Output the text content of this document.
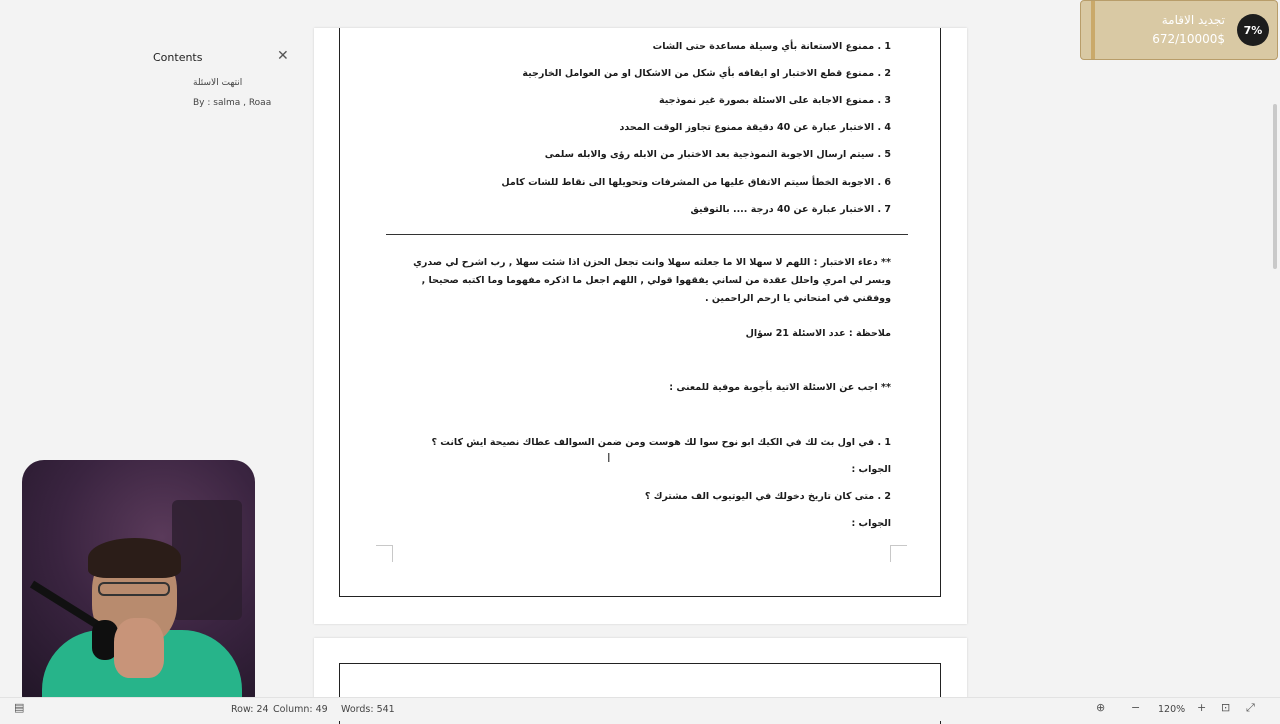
Contents	✕
انتهت الاسئلة
By : salma , Roaa
1 . ممنوع الاستعانة بأي وسيلة مساعدة حتى الشات
2 . ممنوع قطع الاختبار او ايقافه بأي شكل من الاشكال او من العوامل الخارجية
3 . ممنوع الاجابة على الاسئلة بصورة غير نموذجية
4 . الاختبار عبارة عن 40 دقيقة ممنوع تجاوز الوقت المحدد
5 . سيتم ارسال الاجوبة النموذجية بعد الاختبار من الابله رؤى والابله سلمى
6 . الاجوبة الخطأ سيتم الاتفاق عليها من المشرفات وتحويلها الى نقاط للشات كامل
7 . الاختبار عبارة عن 40 درجة .... بالتوفيق
** دعاء الاختبار : اللهم لا سهلا الا ما جعلته سهلا وانت تجعل الحزن اذا شئت سهلا , رب اشرح لي صدري ويسر لي امري واحلل عقدة من لساني يفقهوا قولي , اللهم اجعل ما اذكره مفهوما وما اكتبه صحيحا , ووفقني في امتحاني يا ارحم الراحمين .
ملاحظة : عدد الاسئلة 21 سؤال
** اجب عن الاسئلة الاتية بأجوبة موفية للمعنى :
1 . في اول بث لك في الكيك ابو نوح سوا لك هوست ومن ضمن السوالف عطاك نصيحة ايش كانت ؟
الجواب :
2 . متى كان تاريخ دخولك في اليوتيوب الف مشترك ؟
الجواب :
I
تجديد الاقامة
672/10000$
7%
▤	Row: 24 Column: 49 Words: 541	⊕ − 120% + ⊡ ⤢
